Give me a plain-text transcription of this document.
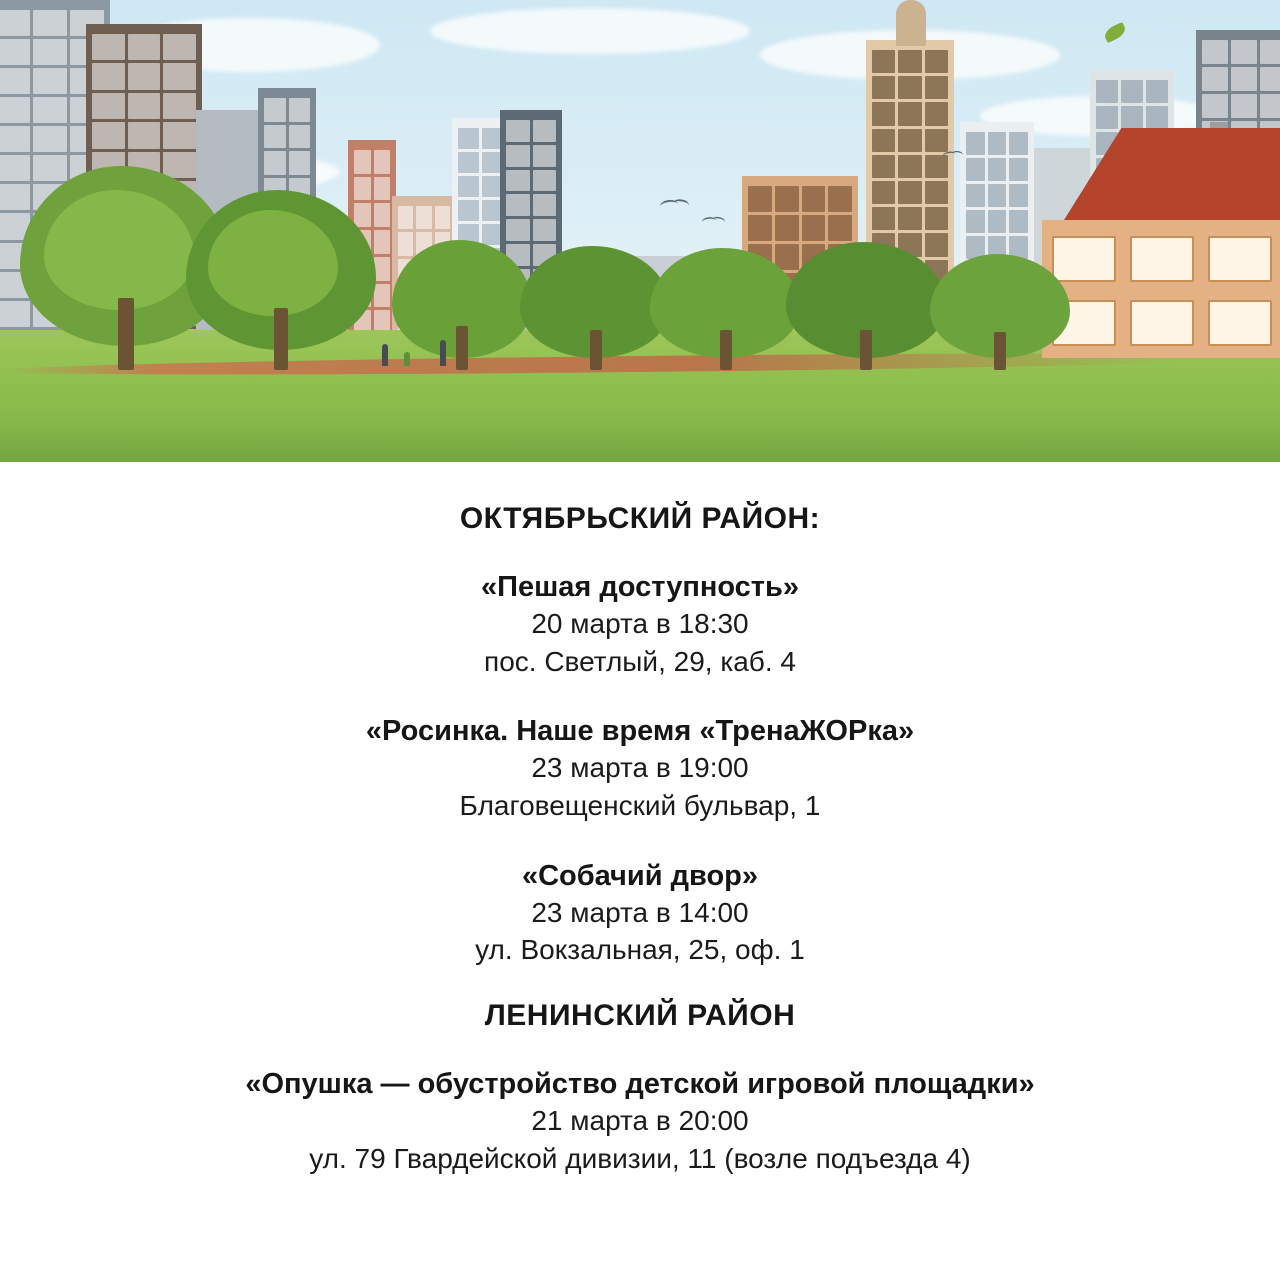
ОКТЯБРЬСКИЙ РАЙОН:
«Пешая доступность»
20 марта в 18:30
пос. Светлый, 29, каб. 4
«Росинка. Наше время «ТренаЖОРка»
23 марта в 19:00
Благовещенский бульвар, 1
«Собачий двор»
23 марта в 14:00
ул. Вокзальная, 25, оф. 1
ЛЕНИНСКИЙ РАЙОН
«Опушка — обустройство детской игровой площадки»
21 марта в 20:00
ул. 79 Гвардейской дивизии, 11 (возле подъезда 4)
